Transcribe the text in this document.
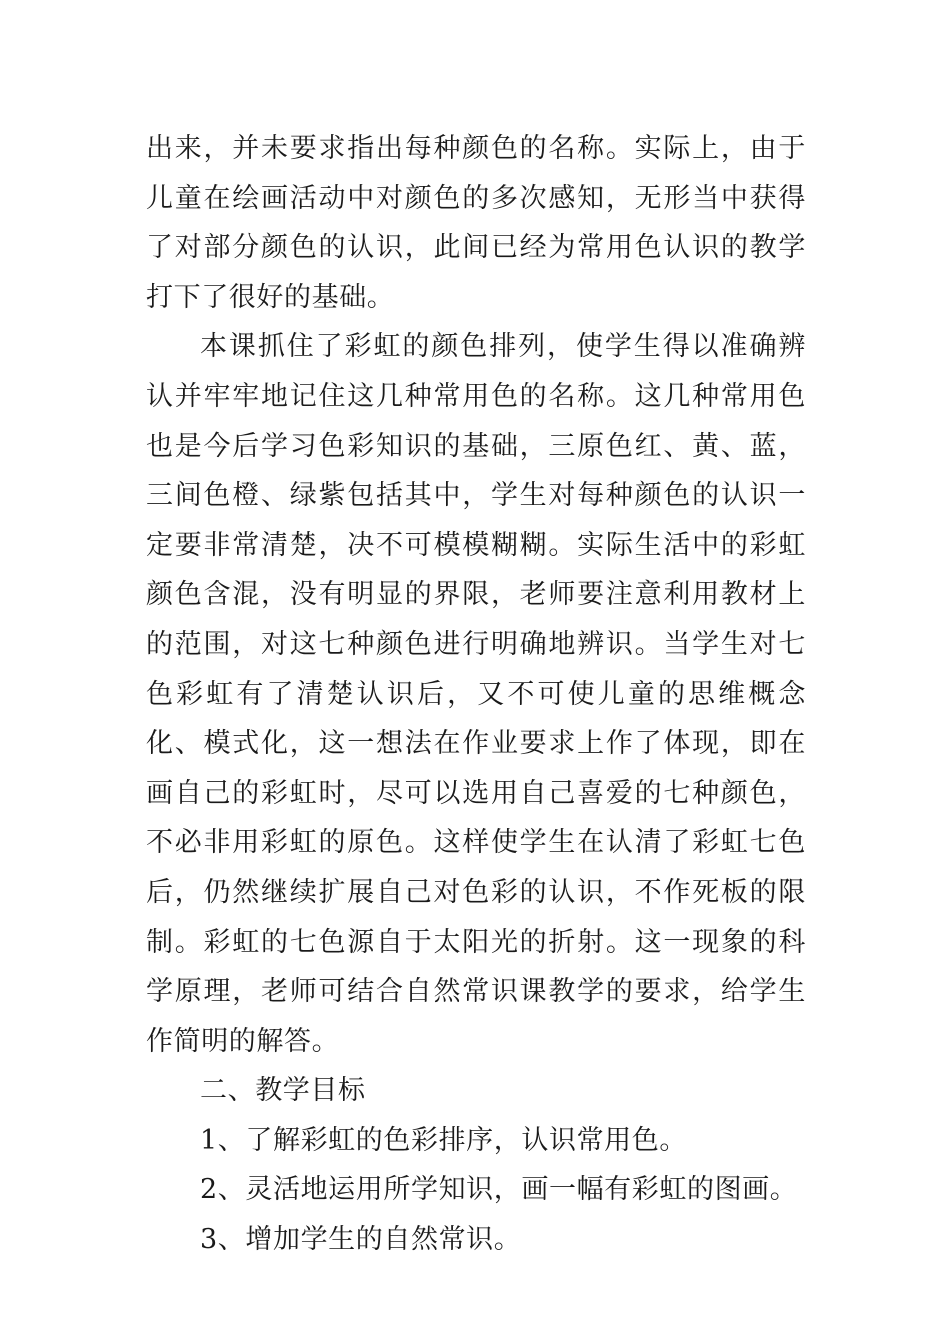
出来，并未要求指出每种颜色的名称。实际上，由于儿童在绘画活动中对颜色的多次感知，无形当中获得了对部分颜色的认识，此间已经为常用色认识的教学打下了很好的基础。

本课抓住了彩虹的颜色排列，使学生得以准确辨认并牢牢地记住这几种常用色的名称。这几种常用色也是今后学习色彩知识的基础，三原色红、黄、蓝，三间色橙、绿紫包括其中，学生对每种颜色的认识一定要非常清楚，决不可模模糊糊。实际生活中的彩虹颜色含混，没有明显的界限，老师要注意利用教材上的范围，对这七种颜色进行明确地辨识。当学生对七色彩虹有了清楚认识后，又不可使儿童的思维概念化、模式化，这一想法在作业要求上作了体现，即在画自己的彩虹时，尽可以选用自己喜爱的七种颜色，不必非用彩虹的原色。这样使学生在认清了彩虹七色后，仍然继续扩展自己对色彩的认识，不作死板的限制。彩虹的七色源自于太阳光的折射。这一现象的科学原理，老师可结合自然常识课教学的要求，给学生作简明的解答。

二、教学目标

1、了解彩虹的色彩排序，认识常用色。

2、灵活地运用所学知识，画一幅有彩虹的图画。

3、增加学生的自然常识。
